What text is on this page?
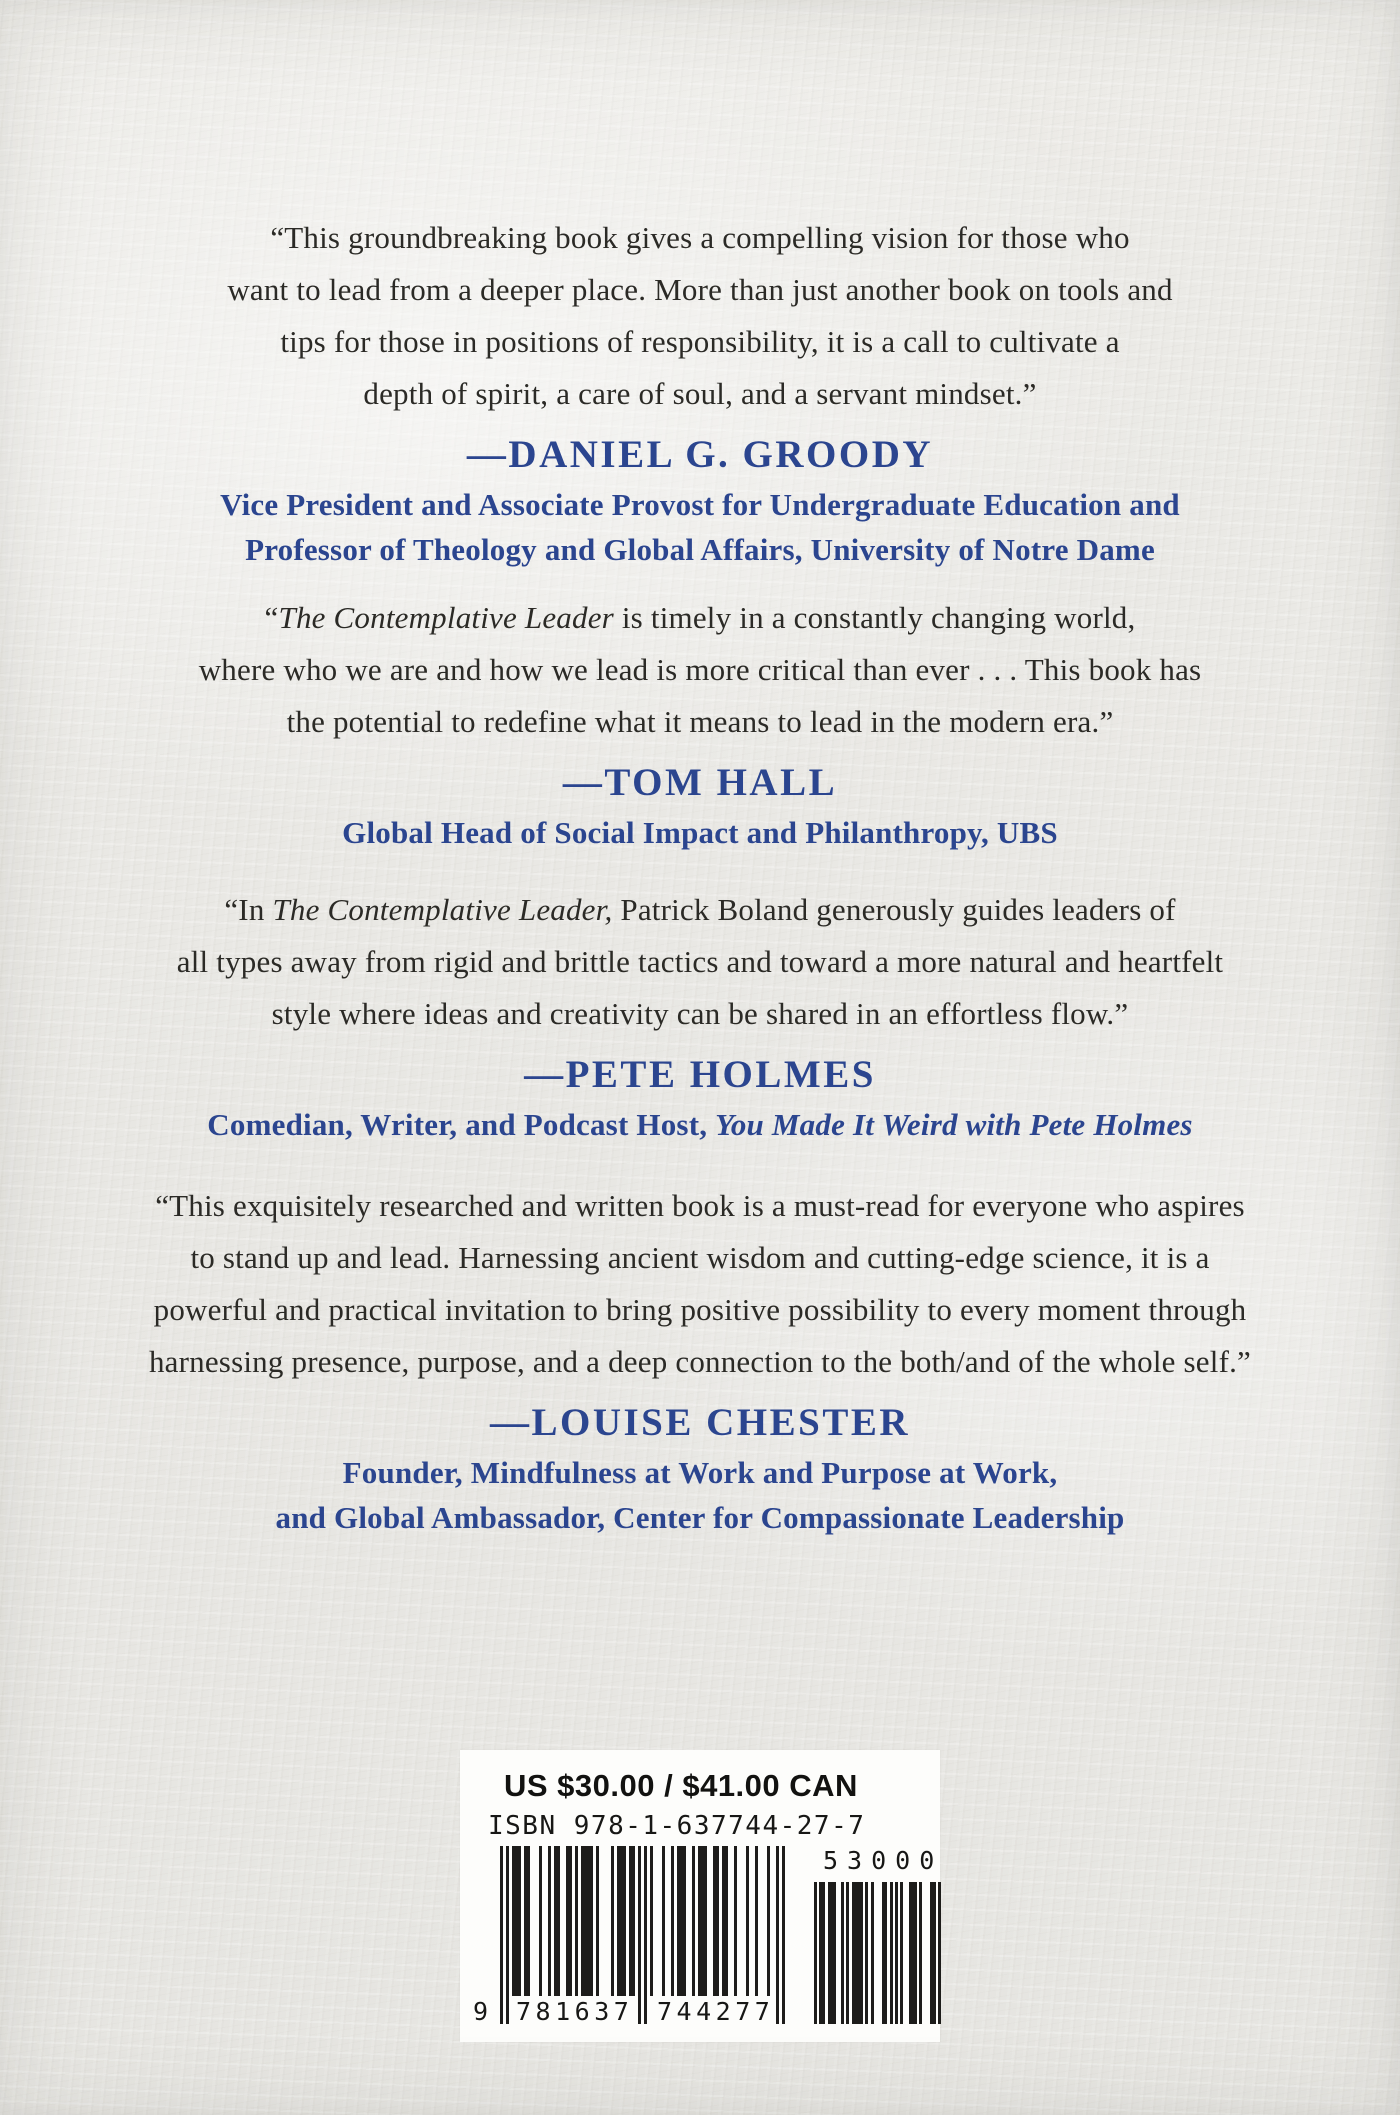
“This groundbreaking book gives a compelling vision for those who
want to lead from a deeper place. More than just another book on tools and
tips for those in positions of responsibility, it is a call to cultivate a
depth of spirit, a care of soul, and a servant mindset.”
—DANIEL G. GROODY
Vice President and Associate Provost for Undergraduate Education and
Professor of Theology and Global Affairs, University of Notre Dame
“The Contemplative Leader is timely in a constantly changing world,
where who we are and how we lead is more critical than ever . . . This book has
the potential to redefine what it means to lead in the modern era.”
—TOM HALL
Global Head of Social Impact and Philanthropy, UBS
“In The Contemplative Leader, Patrick Boland generously guides leaders of
all types away from rigid and brittle tactics and toward a more natural and heartfelt
style where ideas and creativity can be shared in an effortless flow.”
—PETE HOLMES
Comedian, Writer, and Podcast Host, You Made It Weird with Pete Holmes
“This exquisitely researched and written book is a must-read for everyone who aspires
to stand up and lead. Harnessing ancient wisdom and cutting-edge science, it is a
powerful and practical invitation to bring positive possibility to every moment through
harnessing presence, purpose, and a deep connection to the both/and of the whole self.”
—LOUISE CHESTER
Founder, Mindfulness at Work and Purpose at Work,
and Global Ambassador, Center for Compassionate Leadership
US $30.00 / $41.00 CAN
ISBN 978-1-637744-27-7
9 781637 744277
53000
